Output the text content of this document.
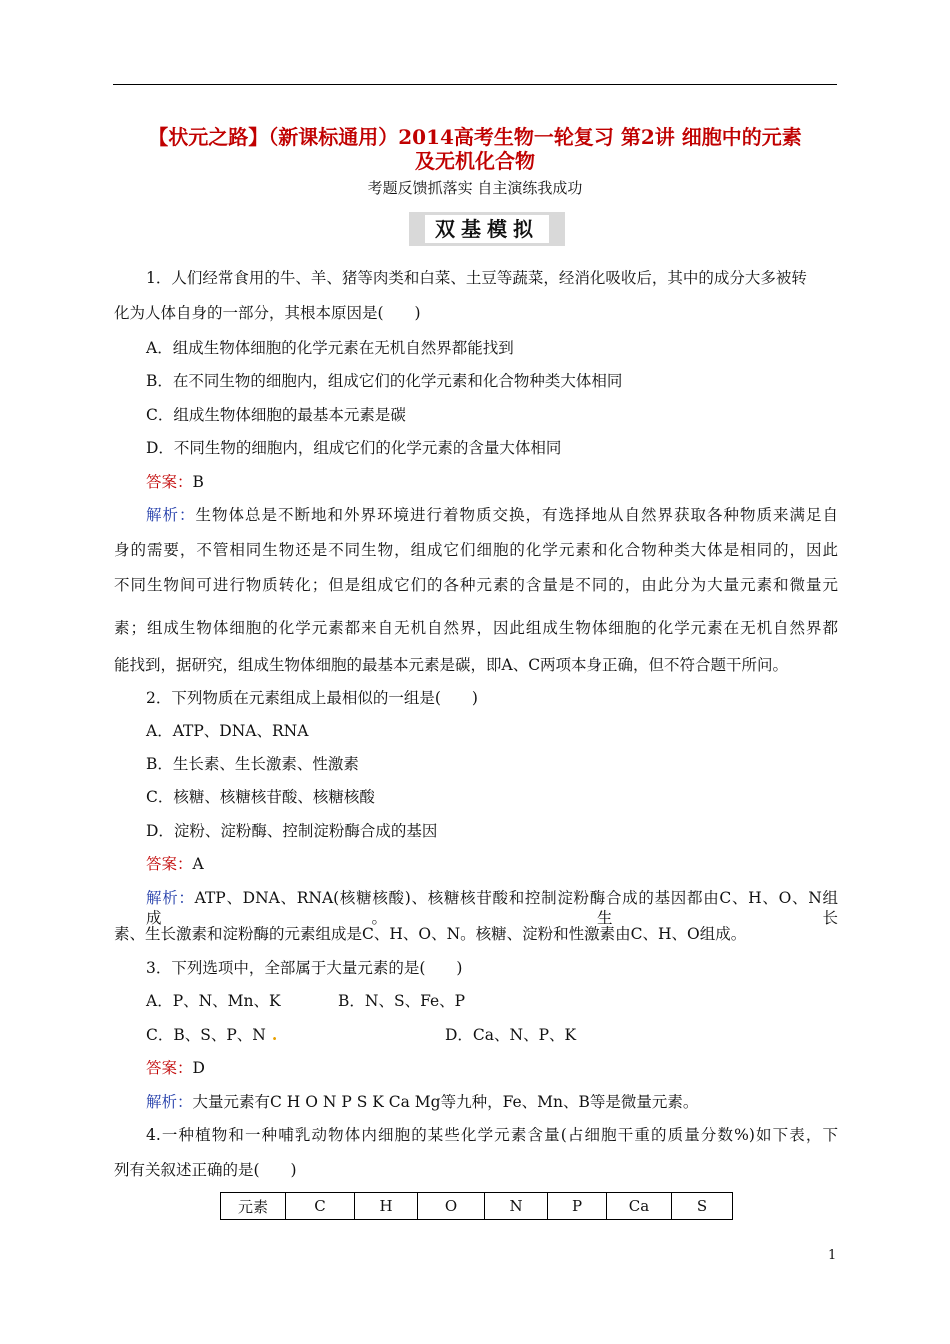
【状元之路】（新课标通用）2014高考生物一轮复习 第2讲 细胞中的元素
及无机化合物
考题反馈抓落实 自主演练我成功
双基模拟
1．人们经常食用的牛、羊、猪等肉类和白菜、土豆等蔬菜，经消化吸收后，其中的成分大多被转
化为人体自身的一部分，其根本原因是(　　)
A．组成生物体细胞的化学元素在无机自然界都能找到
B．在不同生物的细胞内，组成它们的化学元素和化合物种类大体相同
C．组成生物体细胞的最基本元素是碳
D．不同生物的细胞内，组成它们的化学元素的含量大体相同
答案：B
解析：生物体总是不断地和外界环境进行着物质交换，有选择地从自然界获取各种物质来满足自
身的需要，不管相同生物还是不同生物，组成它们细胞的化学元素和化合物种类大体是相同的，因此
不同生物间可进行物质转化；但是组成它们的各种元素的含量是不同的，由此分为大量元素和微量元
素；组成生物体细胞的化学元素都来自无机自然界，因此组成生物体细胞的化学元素在无机自然界都
能找到，据研究，组成生物体细胞的最基本元素是碳，即A、C两项本身正确，但不符合题干所问。
2．下列物质在元素组成上最相似的一组是(　　)
A．ATP、DNA、RNA
B．生长素、生长激素、性激素
C．核糖、核糖核苷酸、核糖核酸
D．淀粉、淀粉酶、控制淀粉酶合成的基因
答案：A
解析：ATP、DNA、RNA(核糖核酸)、核糖核苷酸和控制淀粉酶合成的基因都由C、H、O、N组成。生长
素、生长激素和淀粉酶的元素组成是C、H、O、N。核糖、淀粉和性激素由C、H、O组成。
3．下列选项中，全部属于大量元素的是(　　)
A．P、N、Mn、K	B．N、S、Fe、P
C．B、S、P、N .	D．Ca、N、P、K
答案：D
解析：大量元素有C H O N P S K Ca Mg等九种，Fe、Mn、B等是微量元素。
4.一种植物和一种哺乳动物体内细胞的某些化学元素含量(占细胞干重的质量分数%)如下表，下
列有关叙述正确的是(　　)
元素	C	H	O	N	P	Ca	S
1
